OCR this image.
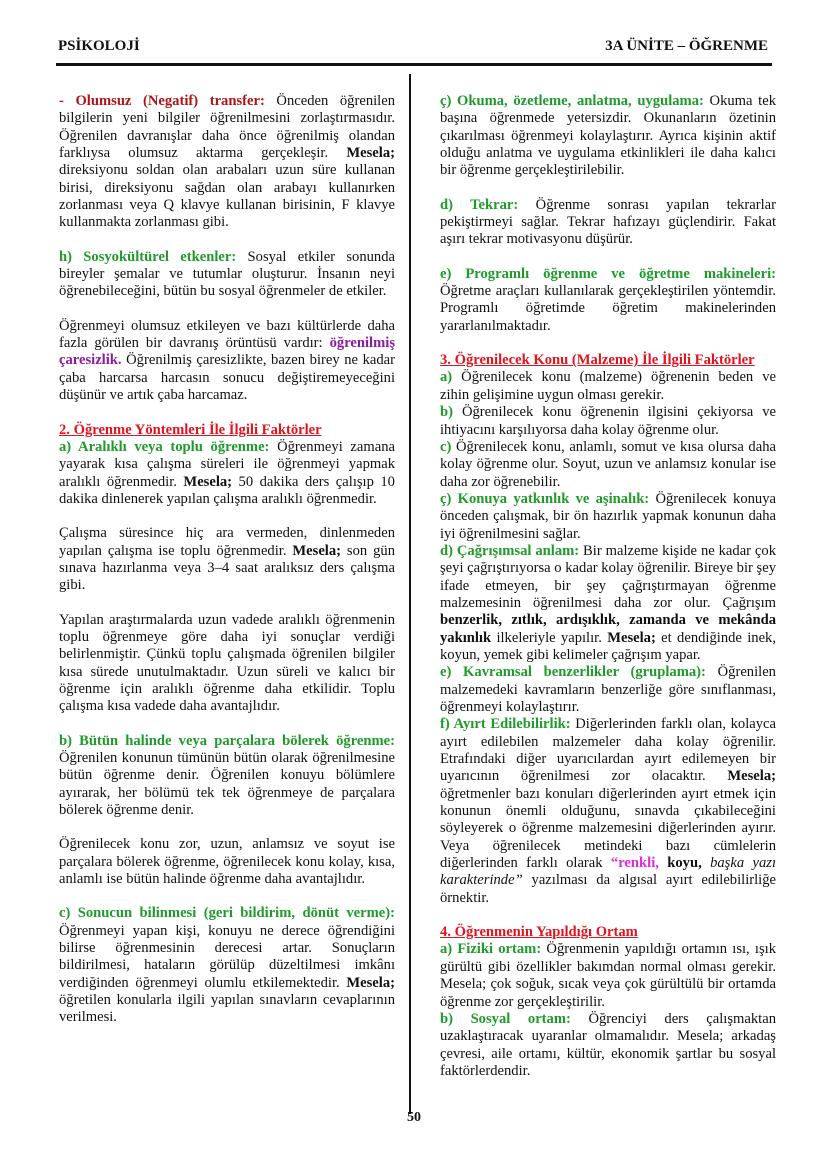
PSİKOLOJİ	3A ÜNİTE – ÖĞRENME

- Olumsuz (Negatif) transfer: Önceden öğrenilen bilgilerin yeni bilgiler öğrenilmesini zorlaştırmasıdır. Öğrenilen davranışlar daha önce öğrenilmiş olandan farklıysa olumsuz aktarma gerçekleşir. Mesela; direksiyonu soldan olan arabaları uzun süre kullanan birisi, direksiyonu sağdan olan arabayı kullanırken zorlanması veya Q klavye kullanan birisinin, F klavye kullanmakta zorlanması gibi.

h) Sosyokültürel etkenler: Sosyal etkiler sonunda bireyler şemalar ve tutumlar oluşturur. İnsanın neyi öğrenebileceğini, bütün bu sosyal öğrenmeler de etkiler.

Öğrenmeyi olumsuz etkileyen ve bazı kültürlerde daha fazla görülen bir davranış örüntüsü vardır: öğrenilmiş çaresizlik. Öğrenilmiş çaresizlikte, bazen birey ne kadar çaba harcarsa harcasın sonucu değiştiremeyeceğini düşünür ve artık çaba harcamaz.

2. Öğrenme Yöntemleri İle İlgili Faktörler

a) Aralıklı veya toplu öğrenme: Öğrenmeyi zamana yayarak kısa çalışma süreleri ile öğrenmeyi yapmak aralıklı öğrenmedir. Mesela; 50 dakika ders çalışıp 10 dakika dinlenerek yapılan çalışma aralıklı öğrenmedir.

Çalışma süresince hiç ara vermeden, dinlenmeden yapılan çalışma ise toplu öğrenmedir. Mesela; son gün sınava hazırlanma veya 3–4 saat aralıksız ders çalışma gibi.

Yapılan araştırmalarda uzun vadede aralıklı öğrenmenin toplu öğrenmeye göre daha iyi sonuçlar verdiği belirlenmiştir. Çünkü toplu çalışmada öğrenilen bilgiler kısa sürede unutulmaktadır. Uzun süreli ve kalıcı bir öğrenme için aralıklı öğrenme daha etkilidir. Toplu çalışma kısa vadede daha avantajlıdır.

b) Bütün halinde veya parçalara bölerek öğrenme: Öğrenilen konunun tümünün bütün olarak öğrenilmesine bütün öğrenme denir. Öğrenilen konuyu bölümlere ayırarak, her bölümü tek tek öğrenmeye de parçalara bölerek öğrenme denir.

Öğrenilecek konu zor, uzun, anlamsız ve soyut ise parçalara bölerek öğrenme, öğrenilecek konu kolay, kısa, anlamlı ise bütün halinde öğrenme daha avantajlıdır.

c) Sonucun bilinmesi (geri bildirim, dönüt verme): Öğrenmeyi yapan kişi, konuyu ne derece öğrendiğini bilirse öğrenmesinin derecesi artar. Sonuçların bildirilmesi, hataların görülüp düzeltilmesi imkânı verdiğinden öğrenmeyi olumlu etkilemektedir. Mesela; öğretilen konularla ilgili yapılan sınavların cevaplarının verilmesi.

ç) Okuma, özetleme, anlatma, uygulama: Okuma tek başına öğrenmede yetersizdir. Okunanların özetinin çıkarılması öğrenmeyi kolaylaştırır. Ayrıca kişinin aktif olduğu anlatma ve uygulama etkinlikleri ile daha kalıcı bir öğrenme gerçekleştirilebilir.

d) Tekrar: Öğrenme sonrası yapılan tekrarlar pekiştirmeyi sağlar. Tekrar hafızayı güçlendirir. Fakat aşırı tekrar motivasyonu düşürür.

e) Programlı öğrenme ve öğretme makineleri: Öğretme araçları kullanılarak gerçekleştirilen yöntemdir. Programlı öğretimde öğretim makinelerinden yararlanılmaktadır.

3. Öğrenilecek Konu (Malzeme) İle İlgili Faktörler

a) Öğrenilecek konu (malzeme) öğrenenin beden ve zihin gelişimine uygun olması gerekir.

b) Öğrenilecek konu öğrenenin ilgisini çekiyorsa ve ihtiyacını karşılıyorsa daha kolay öğrenme olur.

c) Öğrenilecek konu, anlamlı, somut ve kısa olursa daha kolay öğrenme olur. Soyut, uzun ve anlamsız konular ise daha zor öğrenebilir.

ç) Konuya yatkınlık ve aşinalık: Öğrenilecek konuya önceden çalışmak, bir ön hazırlık yapmak konunun daha iyi öğrenilmesini sağlar.

d) Çağrışımsal anlam: Bir malzeme kişide ne kadar çok şeyi çağrıştırıyorsa o kadar kolay öğrenilir. Bireye bir şey ifade etmeyen, bir şey çağrıştırmayan öğrenme malzemesinin öğrenilmesi daha zor olur. Çağrışım benzerlik, zıtlık, ardışıklık, zamanda ve mekânda yakınlık ilkeleriyle yapılır. Mesela; et dendiğinde inek, koyun, yemek gibi kelimeler çağrışım yapar.

e) Kavramsal benzerlikler (gruplama): Öğrenilen malzemedeki kavramların benzerliğe göre sınıflanması, öğrenmeyi kolaylaştırır.

f) Ayırt Edilebilirlik: Diğerlerinden farklı olan, kolayca ayırt edilebilen malzemeler daha kolay öğrenilir. Etrafındaki diğer uyarıcılardan ayırt edilemeyen bir uyarıcının öğrenilmesi zor olacaktır. Mesela; öğretmenler bazı konuları diğerlerinden ayırt etmek için konunun önemli olduğunu, sınavda çıkabileceğini söyleyerek o öğrenme malzemesini diğerlerinden ayırır. Veya öğrenilecek metindeki bazı cümlelerin diğerlerinden farklı olarak “renkli, koyu, başka yazı karakterinde” yazılması da algısal ayırt edilebilirliğe örnektir.

4. Öğrenmenin Yapıldığı Ortam

a) Fiziki ortam: Öğrenmenin yapıldığı ortamın ısı, ışık gürültü gibi özellikler bakımdan normal olması gerekir. Mesela; çok soğuk, sıcak veya çok gürültülü bir ortamda öğrenme zor gerçekleştirilir.

b) Sosyal ortam: Öğrenciyi ders çalışmaktan uzaklaştıracak uyaranlar olmamalıdır. Mesela; arkadaş çevresi, aile ortamı, kültür, ekonomik şartlar bu sosyal faktörlerdendir.

50
